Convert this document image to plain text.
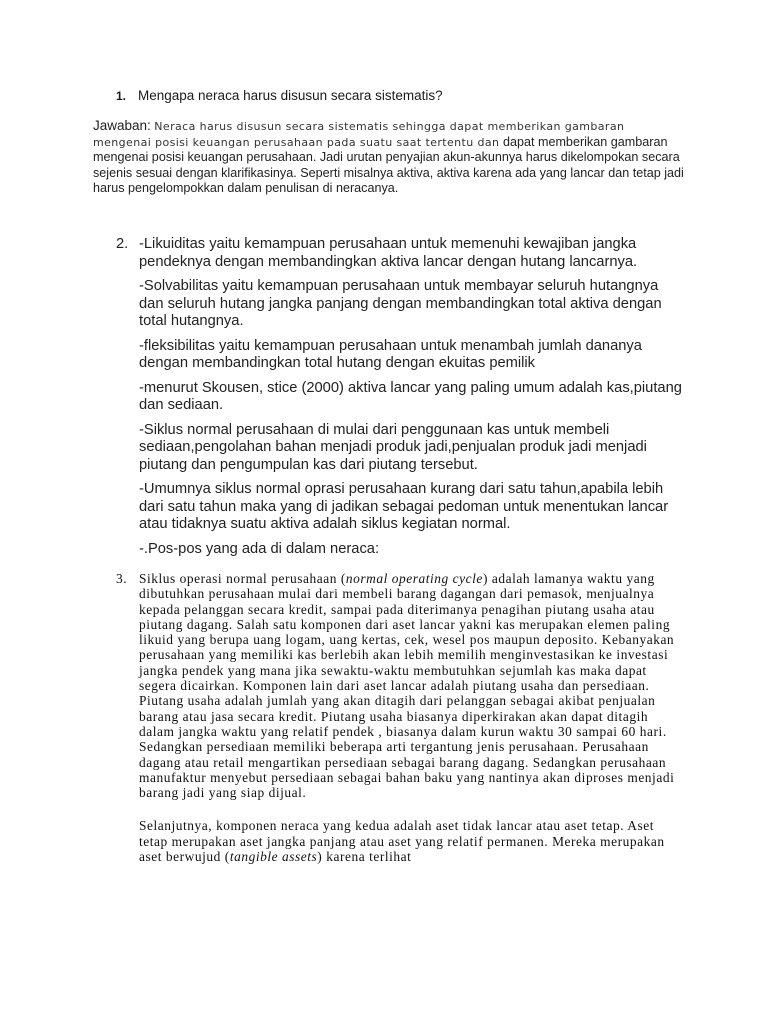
1. Mengapa neraca harus disusun secara sistematis?
Jawaban: Neraca harus disusun secara sistematis sehingga dapat memberikan gambaran mengenai posisi keuangan perusahaan pada suatu saat tertentu dan dapat memberikan gambaran mengenai posisi keuangan perusahaan. Jadi urutan penyajian akun-akunnya harus dikelompokan secara sejenis sesuai dengan klarifikasinya. Seperti misalnya aktiva, aktiva karena ada yang lancar dan tetap jadi harus pengelompokkan dalam penulisan di neracanya.
2. -Likuiditas yaitu kemampuan perusahaan untuk memenuhi kewajiban jangka pendeknya dengan membandingkan aktiva lancar dengan hutang lancarnya.
-Solvabilitas yaitu kemampuan perusahaan untuk membayar seluruh hutangnya dan seluruh hutang jangka panjang dengan membandingkan total aktiva dengan total hutangnya.
-fleksibilitas yaitu kemampuan perusahaan untuk menambah jumlah dananya dengan membandingkan total hutang dengan ekuitas pemilik
-menurut Skousen, stice (2000) aktiva lancar yang paling umum adalah kas,piutang dan sediaan.
-Siklus normal perusahaan di mulai dari penggunaan kas untuk membeli sediaan,pengolahan bahan menjadi produk jadi,penjualan produk jadi menjadi piutang dan pengumpulan kas dari piutang tersebut.
-Umumnya siklus normal oprasi perusahaan kurang dari satu tahun,apabila lebih dari satu tahun maka yang di jadikan sebagai pedoman untuk menentukan lancar atau tidaknya suatu aktiva adalah siklus kegiatan normal.
-.Pos-pos yang ada di dalam neraca:
3. Siklus operasi normal perusahaan (normal operating cycle) adalah lamanya waktu yang dibutuhkan perusahaan mulai dari membeli barang dagangan dari pemasok, menjualnya kepada pelanggan secara kredit, sampai pada diterimanya penagihan piutang usaha atau piutang dagang. Salah satu komponen dari aset lancar yakni kas merupakan elemen paling likuid yang berupa uang logam, uang kertas, cek, wesel pos maupun deposito. Kebanyakan perusahaan yang memiliki kas berlebih akan lebih memilih menginvestasikan ke investasi jangka pendek yang mana jika sewaktu-waktu membutuhkan sejumlah kas maka dapat segera dicairkan. Komponen lain dari aset lancar adalah piutang usaha dan persediaan. Piutang usaha adalah jumlah yang akan ditagih dari pelanggan sebagai akibat penjualan barang atau jasa secara kredit. Piutang usaha biasanya diperkirakan akan dapat ditagih dalam jangka waktu yang relatif pendek , biasanya dalam kurun waktu 30 sampai 60 hari. Sedangkan persediaan memiliki beberapa arti tergantung jenis perusahaan. Perusahaan dagang atau retail mengartikan persediaan sebagai barang dagang. Sedangkan perusahaan manufaktur menyebut persediaan sebagai bahan baku yang nantinya akan diproses menjadi barang jadi yang siap dijual.
Selanjutnya, komponen neraca yang kedua adalah aset tidak lancar atau aset tetap. Aset tetap merupakan aset jangka panjang atau aset yang relatif permanen. Mereka merupakan aset berwujud (tangible assets) karena terlihat
